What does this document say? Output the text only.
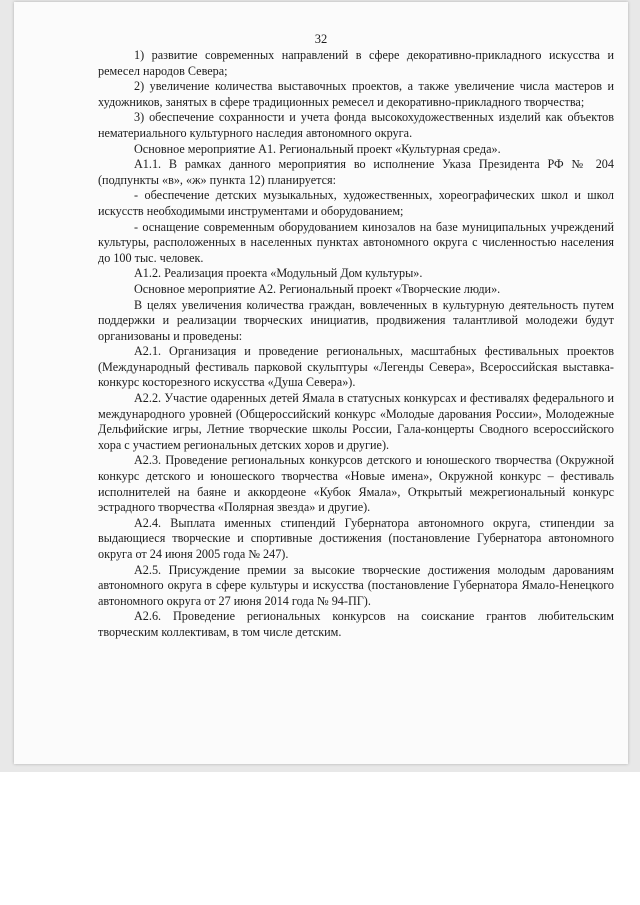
32

1) развитие современных направлений в сфере декоративно-прикладного искусства и ремесел народов Севера;

2) увеличение количества выставочных проектов, а также увеличение числа мастеров и художников, занятых в сфере традиционных ремесел и декоративно-прикладного творчества;

3) обеспечение сохранности и учета фонда высокохудожественных изделий как объектов нематериального культурного наследия автономного округа.

Основное мероприятие А1. Региональный проект «Культурная среда».

А1.1. В рамках данного мероприятия во исполнение Указа Президента РФ № 204 (подпункты «в», «ж» пункта 12) планируется:

- обеспечение детских музыкальных, художественных, хореографических школ и школ искусств необходимыми инструментами и оборудованием;

- оснащение современным оборудованием кинозалов на базе муниципальных учреждений культуры, расположенных в населенных пунктах автономного округа с численностью населения до 100 тыс. человек.

А1.2. Реализация проекта «Модульный Дом культуры».

Основное мероприятие А2. Региональный проект «Творческие люди».

В целях увеличения количества граждан, вовлеченных в культурную деятельность путем поддержки и реализации творческих инициатив, продвижения талантливой молодежи будут организованы и проведены:

А2.1. Организация и проведение региональных, масштабных фестивальных проектов (Международный фестиваль парковой скульптуры «Легенды Севера», Всероссийская выставка-конкурс косторезного искусства «Душа Севера»).

А2.2. Участие одаренных детей Ямала в статусных конкурсах и фестивалях федерального и международного уровней (Общероссийский конкурс «Молодые дарования России», Молодежные Дельфийские игры, Летние творческие школы России, Гала-концерты Сводного всероссийского хора с участием региональных детских хоров и другие).

А2.3. Проведение региональных конкурсов детского и юношеского творчества (Окружной конкурс детского и юношеского творчества «Новые имена», Окружной конкурс – фестиваль исполнителей на баяне и аккордеоне «Кубок Ямала», Открытый межрегиональный конкурс эстрадного творчества «Полярная звезда» и другие).

А2.4. Выплата именных стипендий Губернатора автономного округа, стипендии за выдающиеся творческие и спортивные достижения (постановление Губернатора автономного округа от 24 июня 2005 года № 247).

А2.5. Присуждение премии за высокие творческие достижения молодым дарованиям автономного округа в сфере культуры и искусства (постановление Губернатора Ямало-Ненецкого автономного округа от 27 июня 2014 года № 94-ПГ).

А2.6. Проведение региональных конкурсов на соискание грантов любительским творческим коллективам, в том числе детским.
